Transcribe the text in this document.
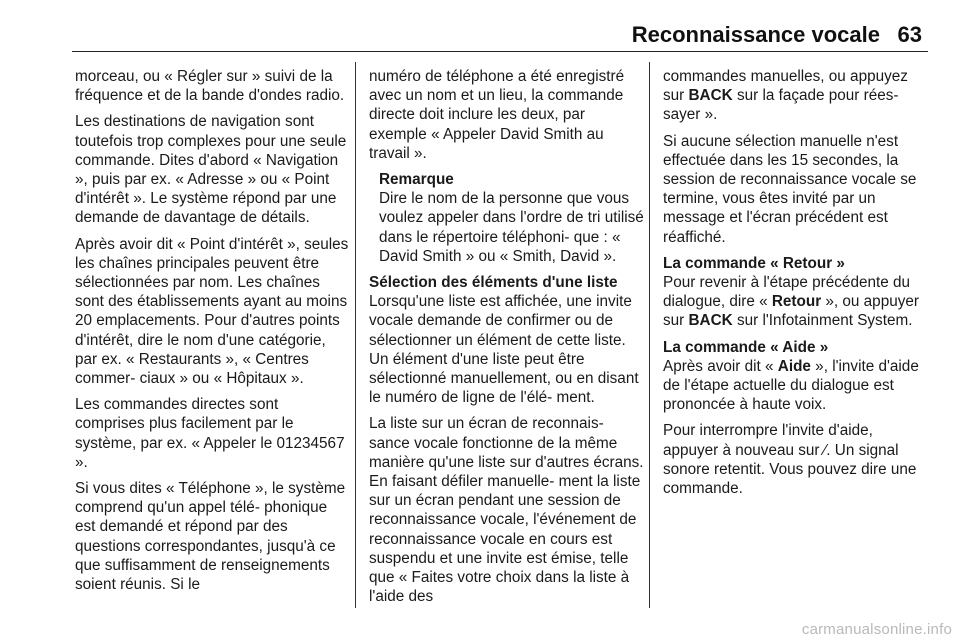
Reconnaissance vocale 63

morceau, ou « Régler sur » suivi de la fréquence et de la bande d'ondes radio.

Les destinations de navigation sont toutefois trop complexes pour une seule commande. Dites d'abord « Navigation », puis par ex. « Adresse » ou « Point d'intérêt ». Le système répond par une demande de davantage de détails.

Après avoir dit « Point d'intérêt », seules les chaînes principales peuvent être sélectionnées par nom. Les chaînes sont des établissements ayant au moins 20 emplacements. Pour d'autres points d'intérêt, dire le nom d'une catégorie, par ex. « Restaurants », « Centres commer- ciaux » ou « Hôpitaux ».

Les commandes directes sont comprises plus facilement par le système, par ex. « Appeler le 01234567 ».

Si vous dites « Téléphone », le système comprend qu'un appel télé- phonique est demandé et répond par des questions correspondantes, jusqu'à ce que suffisamment de renseignements soient réunis. Si le

numéro de téléphone a été enregistré avec un nom et un lieu, la commande directe doit inclure les deux, par exemple « Appeler David Smith au travail ».

Remarque
Dire le nom de la personne que vous voulez appeler dans l'ordre de tri utilisé dans le répertoire téléphoni- que : « David Smith » ou « Smith, David ».

Sélection des éléments d'une liste
Lorsqu'une liste est affichée, une invite vocale demande de confirmer ou de sélectionner un élément de cette liste. Un élément d'une liste peut être sélectionné manuellement, ou en disant le numéro de ligne de l'élé- ment.

La liste sur un écran de reconnais- sance vocale fonctionne de la même manière qu'une liste sur d'autres écrans. En faisant défiler manuelle- ment la liste sur un écran pendant une session de reconnaissance vocale, l'événement de reconnaissance vocale en cours est suspendu et une invite est émise, telle que « Faites votre choix dans la liste à l'aide des

commandes manuelles, ou appuyez sur BACK sur la façade pour rées- sayer ».

Si aucune sélection manuelle n'est effectuée dans les 15 secondes, la session de reconnaissance vocale se termine, vous êtes invité par un message et l'écran précédent est réaffiché.

La commande « Retour »
Pour revenir à l'étape précédente du dialogue, dire « Retour », ou appuyer sur BACK sur l'Infotainment System.

La commande « Aide »
Après avoir dit « Aide », l'invite d'aide de l'étape actuelle du dialogue est prononcée à haute voix.

Pour interrompre l'invite d'aide, appuyer à nouveau sur ⁄. Un signal sonore retentit. Vous pouvez dire une commande.

carmanualsonline.info
